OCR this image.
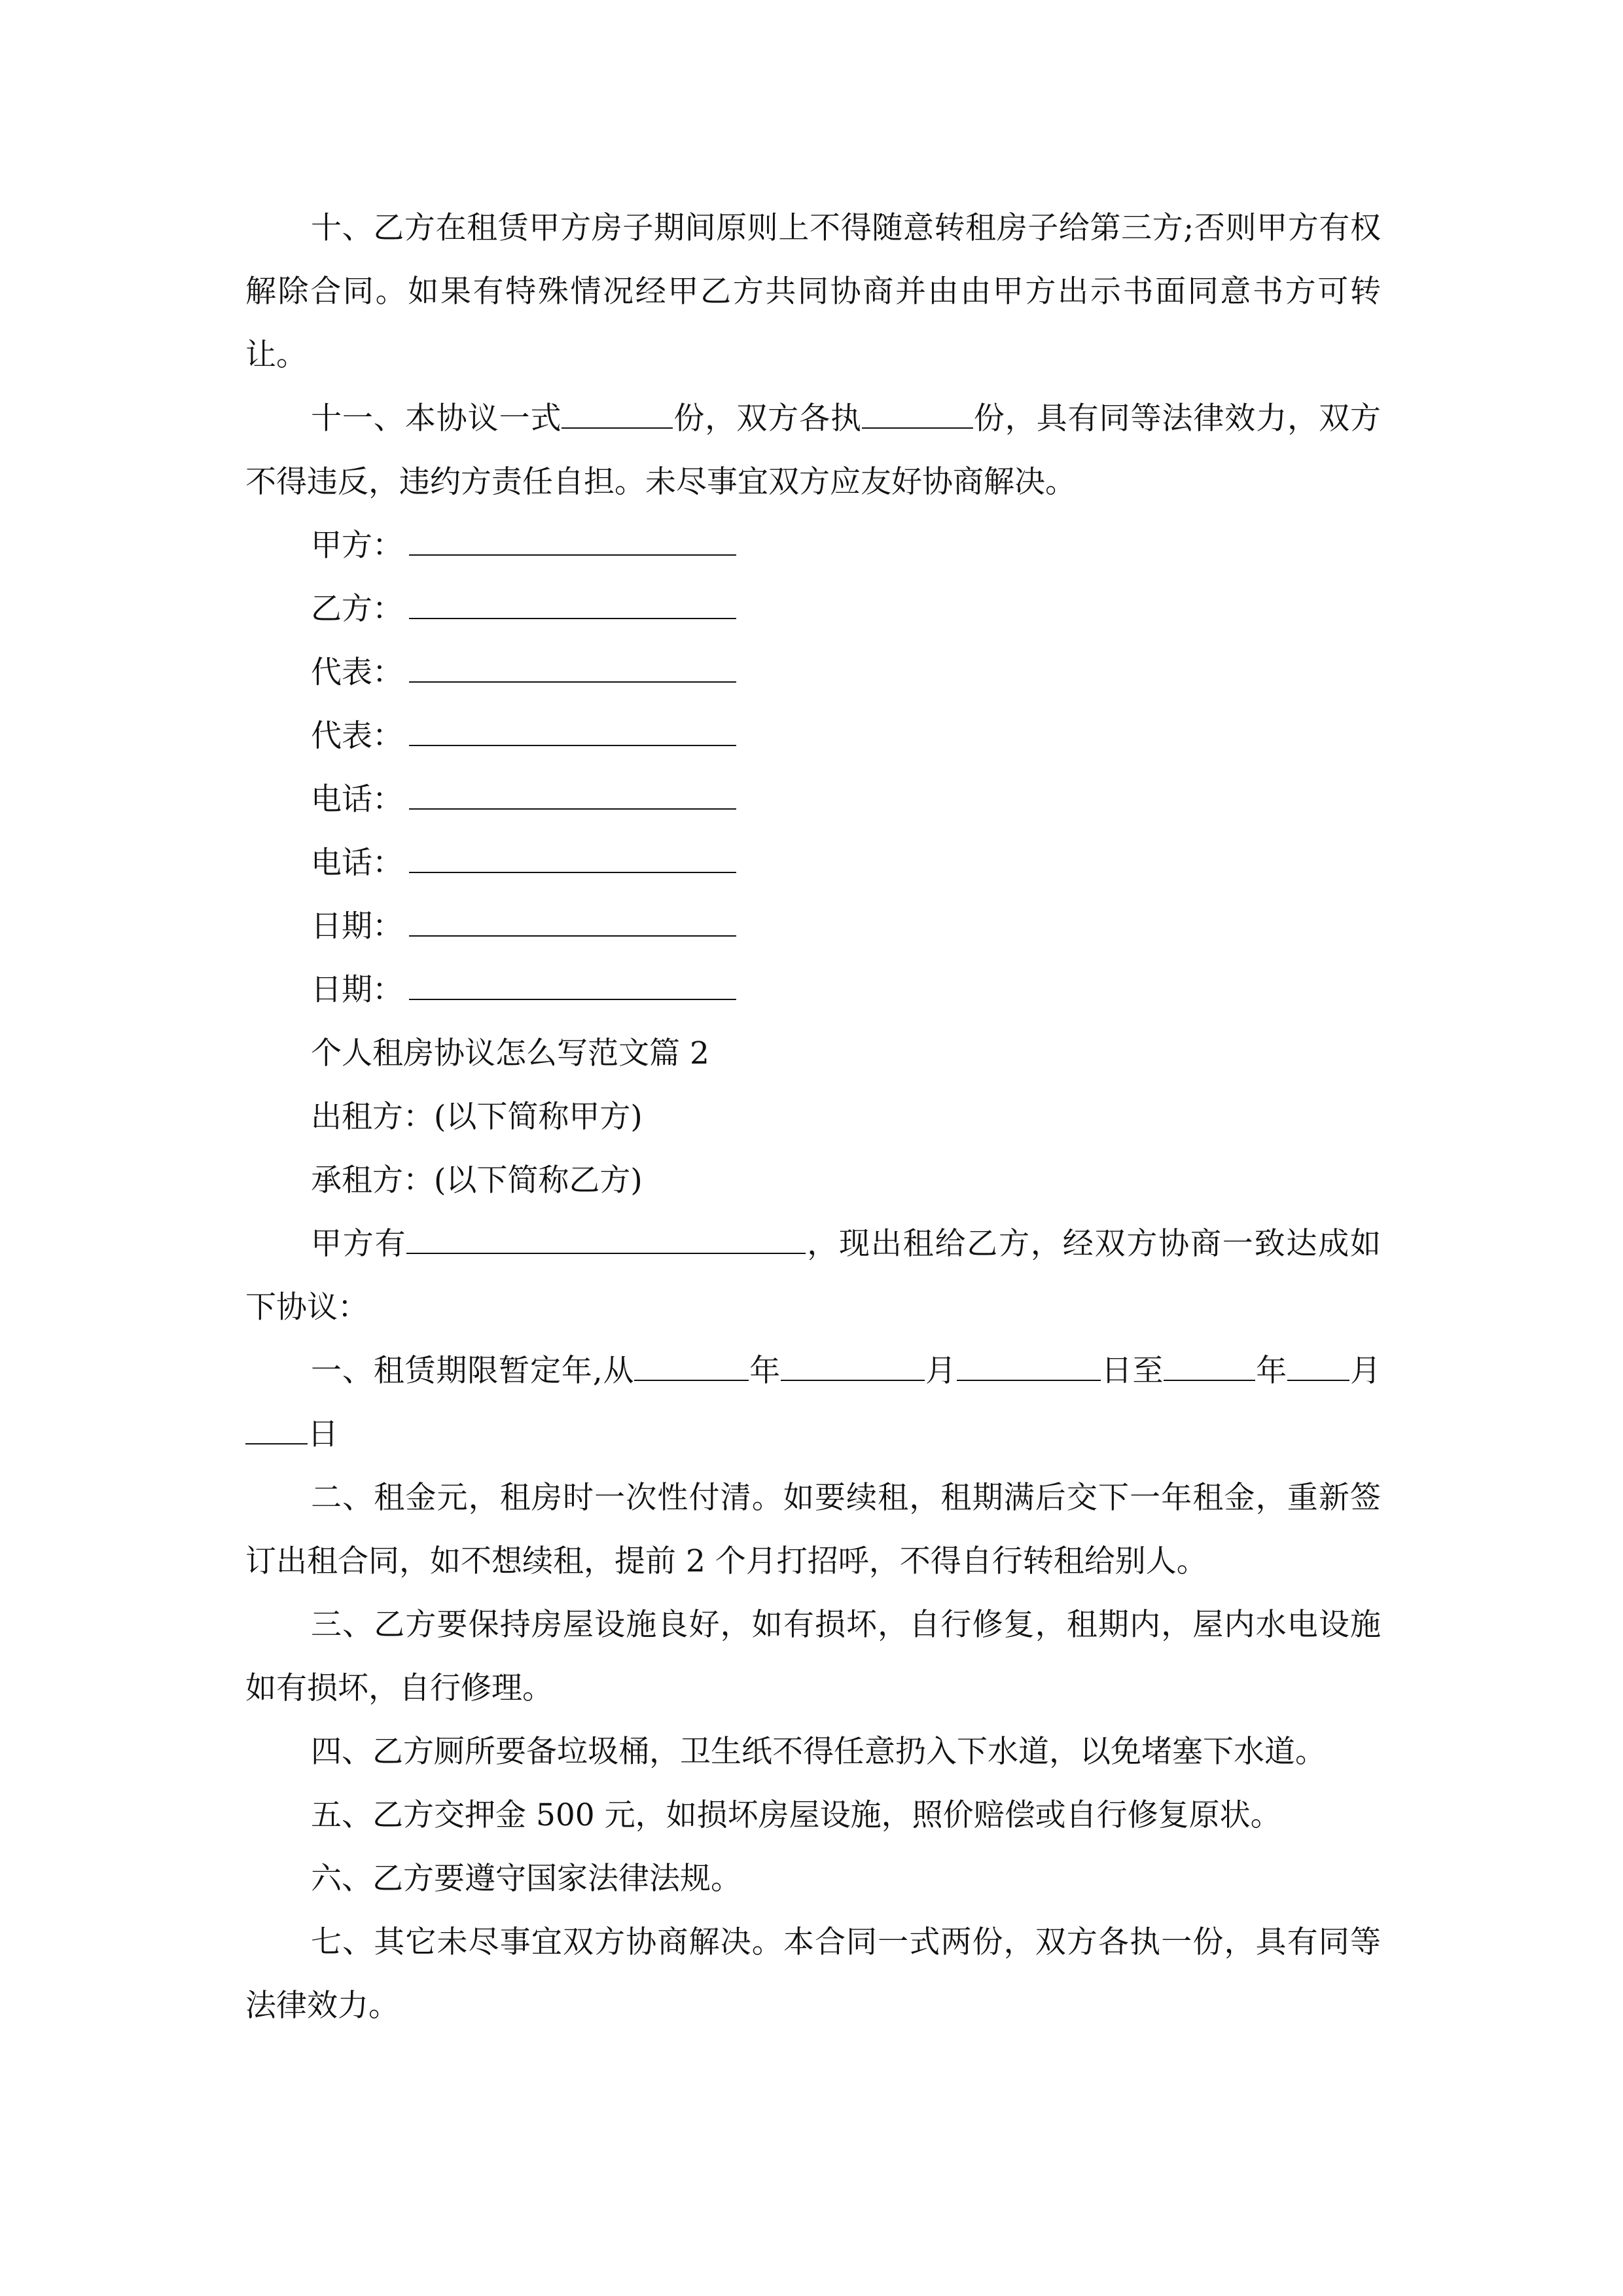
十、乙方在租赁甲方房子期间原则上不得随意转租房子给第三方;否则甲方有权解除合同。如果有特殊情况经甲乙方共同协商并由由甲方出示书面同意书方可转让。

十一、本协议一式	份，双方各执	份，具有同等法律效力，双方不得违反，违约方责任自担。未尽事宜双方应友好协商解决。

甲方：
乙方：
代表：
代表：
电话：
电话：
日期：
日期：

个人租房协议怎么写范文篇 2

出租方：(以下简称甲方)

承租方：(以下简称乙方)

甲方有	，现出租给乙方，经双方协商一致达成如下协议：

一、租赁期限暂定年,从	年	月	日至	年 月日

二、租金元，租房时一次性付清。如要续租，租期满后交下一年租金，重新签订出租合同，如不想续租，提前 2 个月打招呼，不得自行转租给别人。

三、乙方要保持房屋设施良好，如有损坏，自行修复，租期内，屋内水电设施如有损坏，自行修理。

四、乙方厕所要备垃圾桶，卫生纸不得任意扔入下水道，以免堵塞下水道。

五、乙方交押金 500 元，如损坏房屋设施，照价赔偿或自行修复原状。

六、乙方要遵守国家法律法规。

七、其它未尽事宜双方协商解决。本合同一式两份，双方各执一份，具有同等法律效力。
